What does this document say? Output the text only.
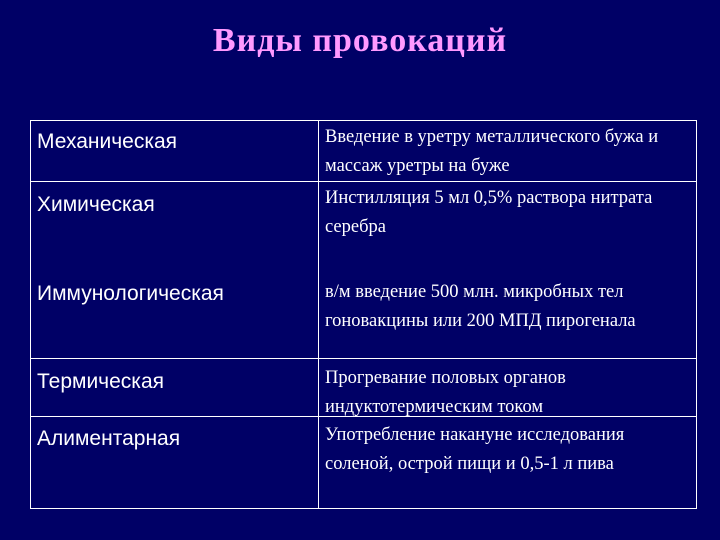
Виды провокаций
Механическая	Введение в уретру металлического бужа и массаж уретры на буже
Химическая	Инстилляция 5 мл 0,5% раствора нитрата серебра
Иммунологическая	в/м введение 500 млн. микробных тел гоновакцины или 200 МПД пирогенала
Термическая	Прогревание половых органов индуктотермическим током
Алиментарная	Употребление накануне исследования соленой, острой пищи и 0,5-1 л пива
